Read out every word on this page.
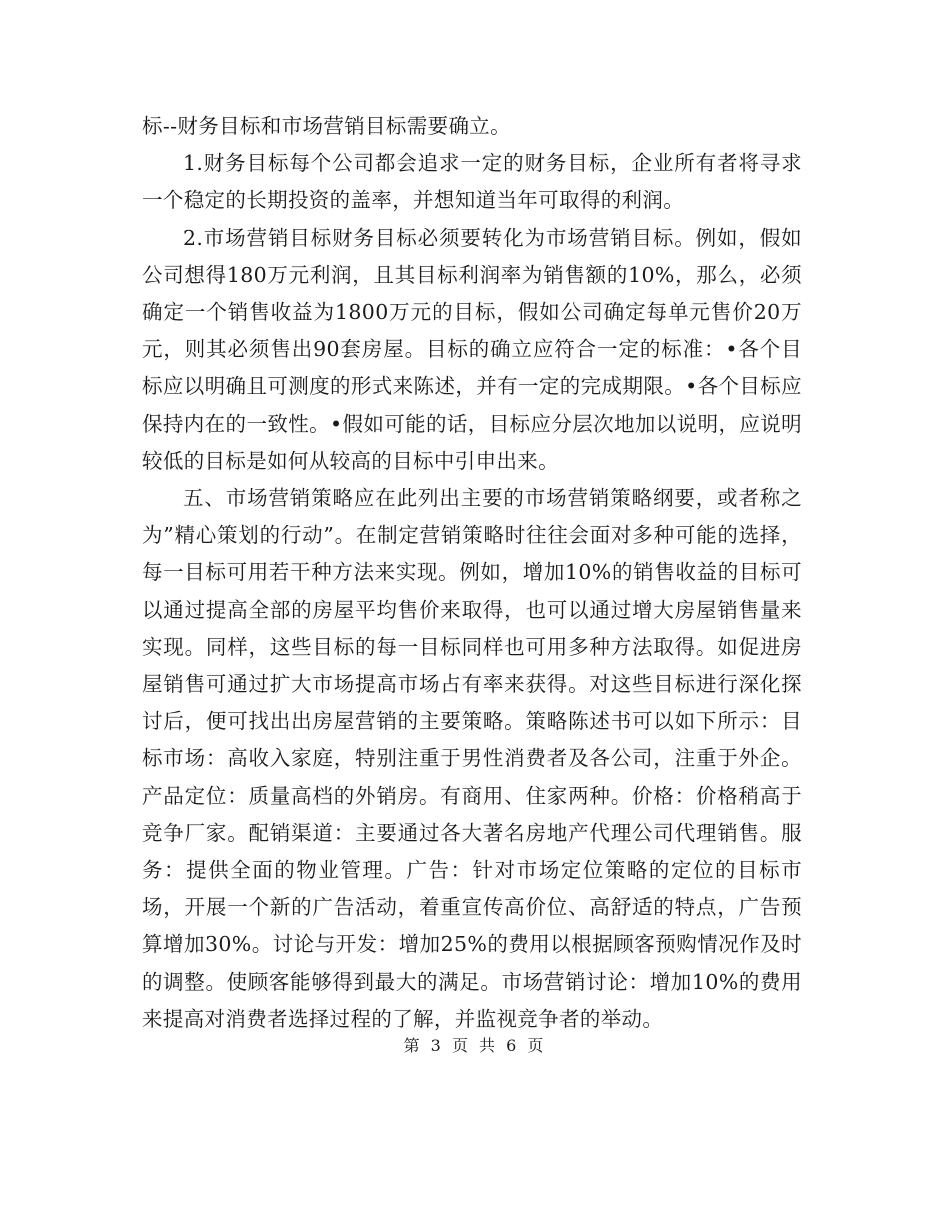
标--财务目标和市场营销目标需要确立。

1.财务目标每个公司都会追求一定的财务目标，企业所有者将寻求一个稳定的长期投资的盖率，并想知道当年可取得的利润。

2.市场营销目标财务目标必须要转化为市场营销目标。例如，假如公司想得180万元利润，且其目标利润率为销售额的10%，那么，必须确定一个销售收益为1800万元的目标，假如公司确定每单元售价20万元，则其必须售出90套房屋。目标的确立应符合一定的标准：•各个目标应以明确且可测度的形式来陈述，并有一定的完成期限。•各个目标应保持内在的一致性。•假如可能的话，目标应分层次地加以说明，应说明较低的目标是如何从较高的目标中引申出来。

五、市场营销策略应在此列出主要的市场营销策略纲要，或者称之为”精心策划的行动”。在制定营销策略时往往会面对多种可能的选择，每一目标可用若干种方法来实现。例如，增加10%的销售收益的目标可以通过提高全部的房屋平均售价来取得，也可以通过增大房屋销售量来实现。同样，这些目标的每一目标同样也可用多种方法取得。如促进房屋销售可通过扩大市场提高市场占有率来获得。对这些目标进行深化探讨后，便可找出出房屋营销的主要策略。策略陈述书可以如下所示：目标市场：高收入家庭，特别注重于男性消费者及各公司，注重于外企。产品定位：质量高档的外销房。有商用、住家两种。价格：价格稍高于竞争厂家。配销渠道：主要通过各大著名房地产代理公司代理销售。服务：提供全面的物业管理。广告：针对市场定位策略的定位的目标市场，开展一个新的广告活动，着重宣传高价位、高舒适的特点，广告预算增加30%。讨论与开发：增加25%的费用以根据顾客预购情况作及时的调整。使顾客能够得到最大的满足。市场营销讨论：增加10%的费用来提高对消费者选择过程的了解，并监视竞争者的举动。

第 3 页 共 6 页
